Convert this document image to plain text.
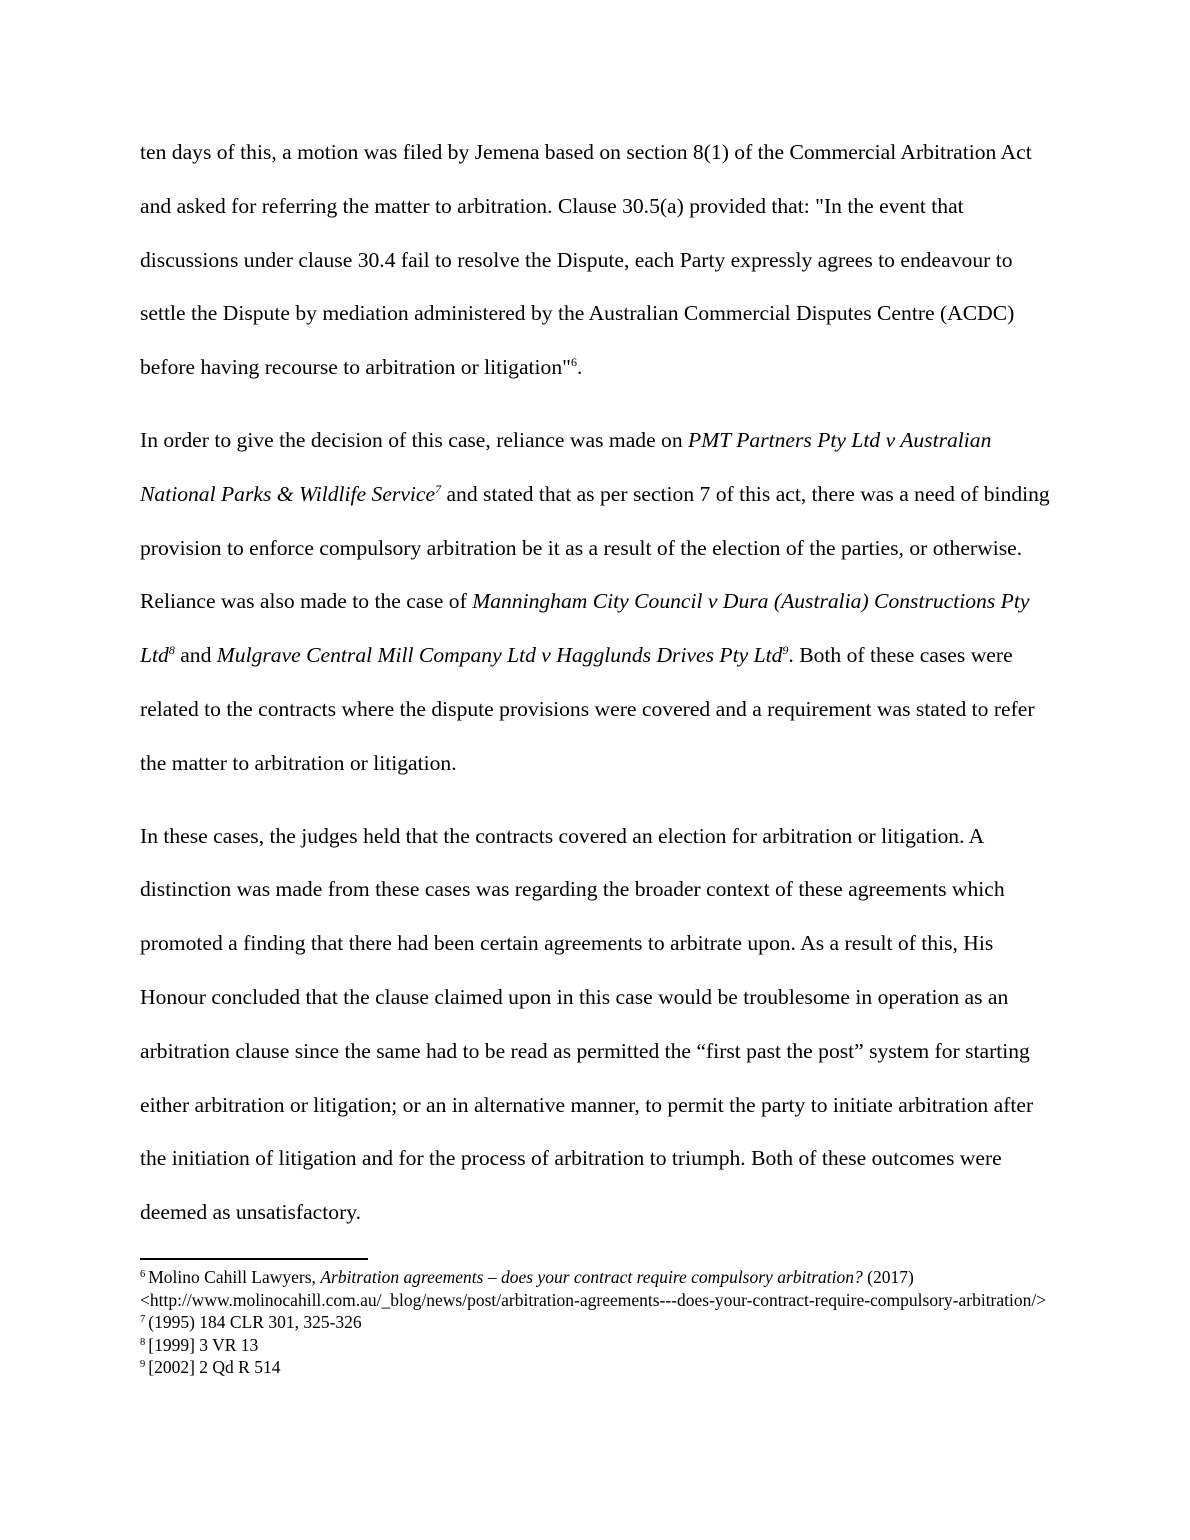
ten days of this, a motion was filed by Jemena based on section 8(1) of the Commercial Arbitration Act and asked for referring the matter to arbitration. Clause 30.5(a) provided that: "In the event that discussions under clause 30.4 fail to resolve the Dispute, each Party expressly agrees to endeavour to settle the Dispute by mediation administered by the Australian Commercial Disputes Centre (ACDC) before having recourse to arbitration or litigation"$^6$.

In order to give the decision of this case, reliance was made on PMT Partners Pty Ltd v Australian National Parks & Wildlife Service$^7$ and stated that as per section 7 of this act, there was a need of binding provision to enforce compulsory arbitration be it as a result of the election of the parties, or otherwise. Reliance was also made to the case of Manningham City Council v Dura (Australia) Constructions Pty Ltd$^8$ and Mulgrave Central Mill Company Ltd v Hagglunds Drives Pty Ltd$^9$. Both of these cases were related to the contracts where the dispute provisions were covered and a requirement was stated to refer the matter to arbitration or litigation.

In these cases, the judges held that the contracts covered an election for arbitration or litigation. A distinction was made from these cases was regarding the broader context of these agreements which promoted a finding that there had been certain agreements to arbitrate upon. As a result of this, His Honour concluded that the clause claimed upon in this case would be troublesome in operation as an arbitration clause since the same had to be read as permitted the “first past the post” system for starting either arbitration or litigation; or an in alternative manner, to permit the party to initiate arbitration after the initiation of litigation and for the process of arbitration to triumph. Both of these outcomes were deemed as unsatisfactory.

$^6$ Molino Cahill Lawyers, Arbitration agreements – does your contract require compulsory arbitration? (2017) <http://www.molinocahill.com.au/_blog/news/post/arbitration-agreements---does-your-contract-require-compulsory-arbitration/>

$^7$ (1995) 184 CLR 301, 325-326

$^8$ [1999] 3 VR 13

$^9$ [2002] 2 Qd R 514
